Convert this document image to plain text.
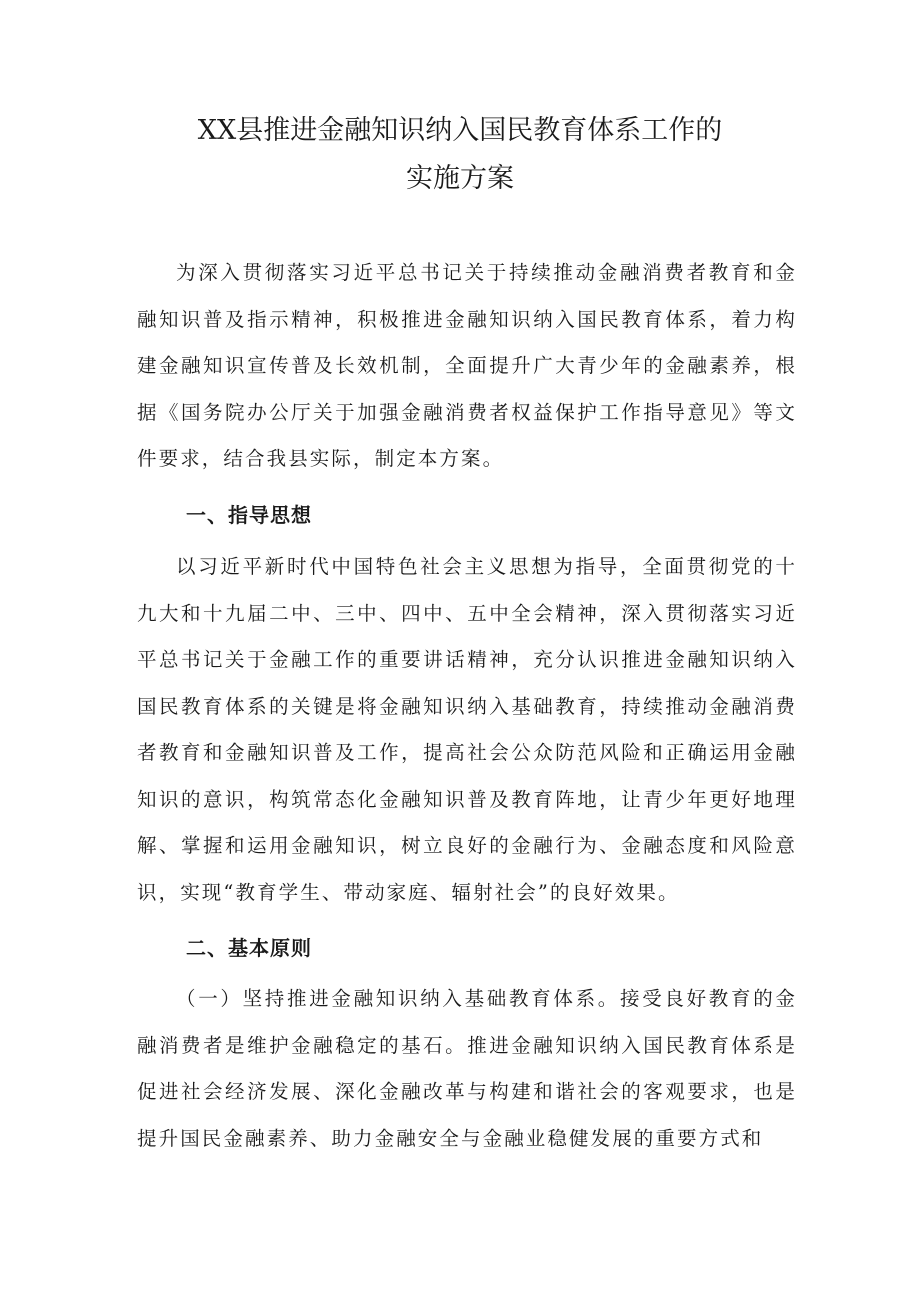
XX县推进金融知识纳入国民教育体系工作的
实施方案
为深入贯彻落实习近平总书记关于持续推动金融消费者教育和金融知识普及指示精神，积极推进金融知识纳入国民教育体系，着力构建金融知识宣传普及长效机制，全面提升广大青少年的金融素养，根据《国务院办公厅关于加强金融消费者权益保护工作指导意见》等文件要求，结合我县实际，制定本方案。
一、指导思想
以习近平新时代中国特色社会主义思想为指导，全面贯彻党的十九大和十九届二中、三中、四中、五中全会精神，深入贯彻落实习近平总书记关于金融工作的重要讲话精神，充分认识推进金融知识纳入国民教育体系的关键是将金融知识纳入基础教育，持续推动金融消费者教育和金融知识普及工作，提高社会公众防范风险和正确运用金融知识的意识，构筑常态化金融知识普及教育阵地，让青少年更好地理解、掌握和运用金融知识，树立良好的金融行为、金融态度和风险意识，实现“教育学生、带动家庭、辐射社会”的良好效果。
二、基本原则
（一）坚持推进金融知识纳入基础教育体系。接受良好教育的金融消费者是维护金融稳定的基石。推进金融知识纳入国民教育体系是促进社会经济发展、深化金融改革与构建和谐社会的客观要求，也是提升国民金融素养、助力金融安全与金融业稳健发展的重要方式和
